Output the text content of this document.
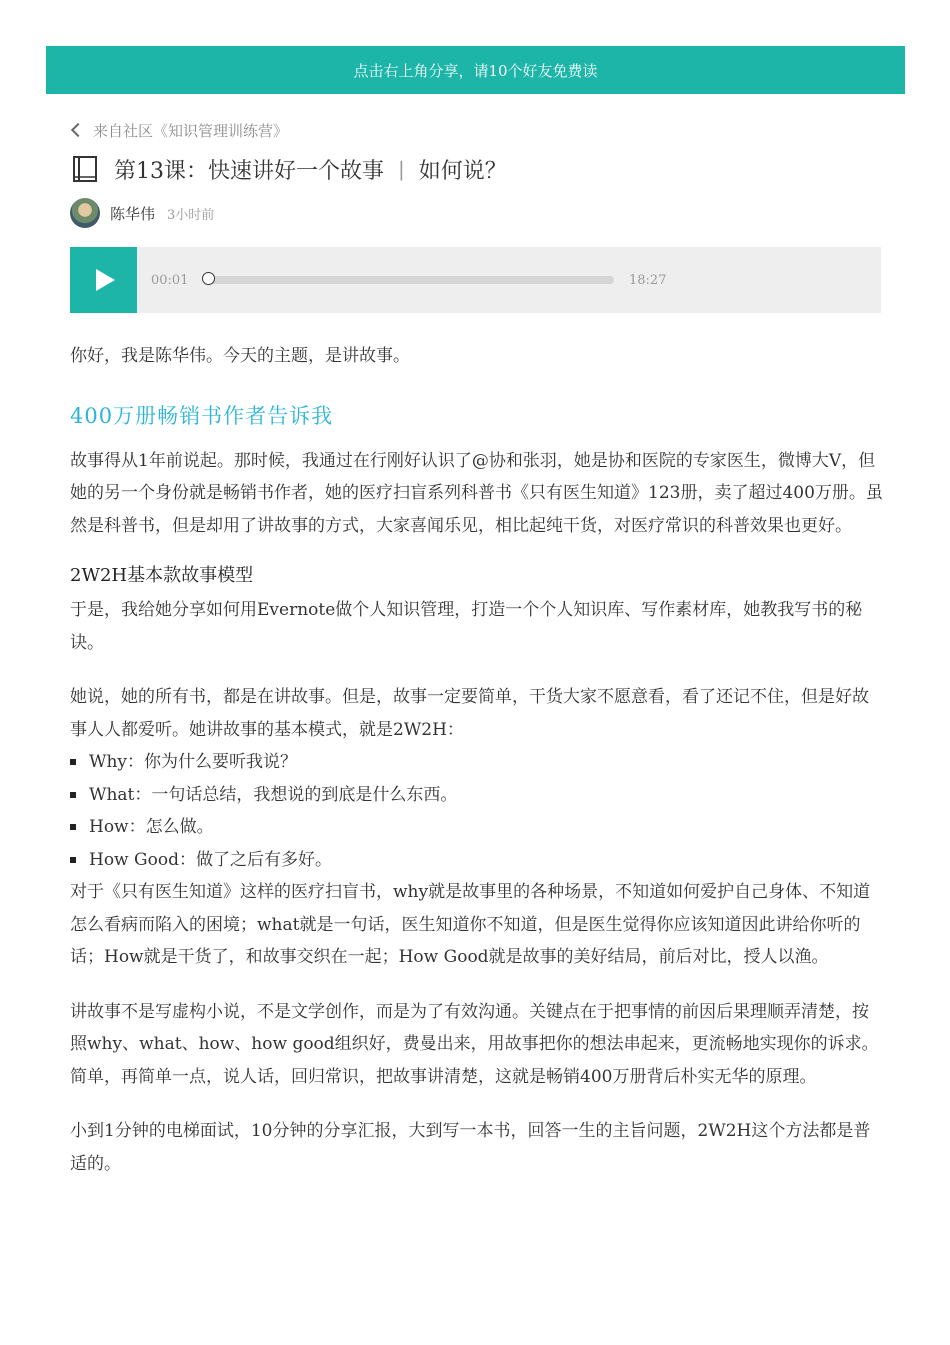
点击右上角分享，请10个好友免费读
来自社区《知识管理训练营》
第13课：快速讲好一个故事 | 如何说？
陈华伟 3小时前
00:01	18:27

你好，我是陈华伟。今天的主题，是讲故事。

400万册畅销书作者告诉我

故事得从1年前说起。那时候，我通过在行刚好认识了@协和张羽，她是协和医院的专家医生，微博大V，但她的另一个身份就是畅销书作者，她的医疗扫盲系列科普书《只有医生知道》123册，卖了超过400万册。虽然是科普书，但是却用了讲故事的方式，大家喜闻乐见，相比起纯干货，对医疗常识的科普效果也更好。

2W2H基本款故事模型

于是，我给她分享如何用Evernote做个人知识管理，打造一个个人知识库、写作素材库，她教我写书的秘诀。

她说，她的所有书，都是在讲故事。但是，故事一定要简单，干货大家不愿意看，看了还记不住，但是好故事人人都爱听。她讲故事的基本模式，就是2W2H：

Why：你为什么要听我说？
What：一句话总结，我想说的到底是什么东西。
How：怎么做。
How Good：做了之后有多好。

对于《只有医生知道》这样的医疗扫盲书，why就是故事里的各种场景，不知道如何爱护自己身体、不知道怎么看病而陷入的困境；what就是一句话，医生知道你不知道，但是医生觉得你应该知道因此讲给你听的话；How就是干货了，和故事交织在一起；How Good就是故事的美好结局，前后对比，授人以渔。

讲故事不是写虚构小说，不是文学创作，而是为了有效沟通。关键点在于把事情的前因后果理顺弄清楚，按照why、what、how、how good组织好，费曼出来，用故事把你的想法串起来，更流畅地实现你的诉求。简单，再简单一点，说人话，回归常识，把故事讲清楚，这就是畅销400万册背后朴实无华的原理。

小到1分钟的电梯面试，10分钟的分享汇报，大到写一本书，回答一生的主旨问题，2W2H这个方法都是普适的。
